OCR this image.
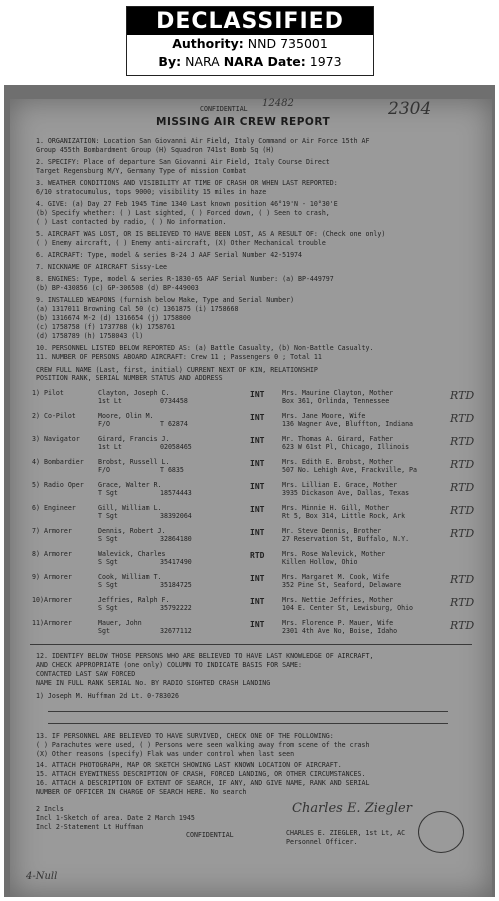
DECLASSIFIED
Authority: NND 735001
By: NARA NARA Date: 1973
CONFIDENTIAL 12482	2304
MISSING AIR CREW REPORT
1. ORGANIZATION: Location San Giovanni Air Field, Italy Command or Air Force 15th AF
Group 455th Bombardment Group (H) Squadron 741st Bomb Sq (H)
2. SPECIFY: Place of departure San Giovanni Air Field, Italy Course Direct
Target Regensburg M/Y, Germany Type of mission Combat
3. WEATHER CONDITIONS AND VISIBILITY AT TIME OF CRASH OR WHEN LAST REPORTED:
6/10 stratocumulus, tops 9000; visibility 15 miles in haze
4. GIVE: (a) Day 27 Feb 1945 Time 1340 Last known position 46°19'N - 10°30'E
(b) Specify whether: ( ) Last sighted, ( ) Forced down, ( ) Seen to crash,
( ) Last contacted by radio, ( ) No information.
5. AIRCRAFT WAS LOST, OR IS BELIEVED TO HAVE BEEN LOST, AS A RESULT OF: (Check one only)
( ) Enemy aircraft, ( ) Enemy anti-aircraft, (X) Other Mechanical trouble
6. AIRCRAFT: Type, model & series B-24 J AAF Serial Number 42-51974
7. NICKNAME OF AIRCRAFT Sissy-Lee
8. ENGINES: Type, model & series R-1830-65 AAF Serial Number: (a) BP-449797
(b) BP-430856 (c) GP-306508 (d) BP-449003
9. INSTALLED WEAPONS (furnish below Make, Type and Serial Number)
(a) 1317011 Browning Cal 50 (c) 1361875 (i) 1758668
(b) 1316674 M-2 (d) 1316654 (j) 1758800
(c) 1758758 (f) 1737788 (k) 1758761
(d) 1758789 (h) 1758043 (l)
10. PERSONNEL LISTED BELOW REPORTED AS: (a) Battle Casualty, (b) Non-Battle Casualty.
11. NUMBER OF PERSONS ABOARD AIRCRAFT: Crew 11 ; Passengers 0 ; Total 11
CREW FULL NAME (Last, first, initial) CURRENT NEXT OF KIN, RELATIONSHIP
POSITION RANK, SERIAL NUMBER STATUS AND ADDRESS
1) Pilot	Clayton, Joseph C.
1st Lt	0734458
INT	Mrs. Maurine Clayton, Mother
Box 361, Orlinda, Tennessee	RTD
2) Co-Pilot	Moore, Olin M.
F/O	T 62874
INT	Mrs. Jane Moore, Wife
136 Wagner Ave, Bluffton, Indiana	RTD
3) Navigator	Girard, Francis J.
1st Lt	02058465
INT	Mr. Thomas A. Girard, Father
623 W 61st Pl, Chicago, Illinois	RTD
4) Bombardier Brobst, Russell L.
F/O	T 6835
INT	Mrs. Edith E. Brobst, Mother
507 No. Lehigh Ave, Frackville, Pa	RTD
5) Radio Oper Grace, Walter R.
T Sgt	18574443
INT	Mrs. Lillian E. Grace, Mother
3935 Dickason Ave, Dallas, Texas	RTD
6) Engineer	Gill, William L.
T Sgt	38392064
INT	Mrs. Minnie H. Gill, Mother
Rt 5, Box 314, Little Rock, Ark	RTD
7) Armorer	Dennis, Robert J.
S Sgt	32864180
INT	Mr. Steve Dennis, Brother
27 Reservation St, Buffalo, N.Y.	RTD
8) Armorer	Walevick, Charles
S Sgt	35417490
RTD	Mrs. Rose Walevick, Mother
Killen Hollow, Ohio
9) Armorer	Cook, William T.
S Sgt	35184725
INT	Mrs. Margaret M. Cook, Wife
352 Pine St, Seaford, Delaware	RTD
10) Armorer	Jeffries, Ralph F.
S Sgt	35792222
INT	Mrs. Nettie Jeffries, Mother
104 E. Center St, Lewisburg, Ohio	RTD
11) Armorer	Mauer, John
Sgt	32677112
INT	Mrs. Florence P. Mauer, Wife
2301 4th Ave No, Boise, Idaho	RTD
12. IDENTIFY BELOW THOSE PERSONS WHO ARE BELIEVED TO HAVE LAST KNOWLEDGE OF AIRCRAFT,
AND CHECK APPROPRIATE (one only) COLUMN TO INDICATE BASIS FOR SAME:
CONTACTED LAST SAW FORCED
NAME IN FULL RANK SERIAL No. BY RADIO SIGHTED CRASH LANDING
1) Joseph M. Huffman 2d Lt. 0-783026
13. IF PERSONNEL ARE BELIEVED TO HAVE SURVIVED, CHECK ONE OF THE FOLLOWING:
( ) Parachutes were used, ( ) Persons were seen walking away from scene of the crash
(X) Other reasons (specify) Flak was under control when last seen
14. ATTACH PHOTOGRAPH, MAP OR SKETCH SHOWING LAST KNOWN LOCATION OF AIRCRAFT.
15. ATTACH EYEWITNESS DESCRIPTION OF CRASH, FORCED LANDING, OR OTHER CIRCUMSTANCES.
16. ATTACH A DESCRIPTION OF EXTENT OF SEARCH, IF ANY, AND GIVE NAME, RANK AND SERIAL
NUMBER OF OFFICER IN CHARGE OF SEARCH HERE. No search
2 Incls
Incl 1-Sketch of area. Date 2 March 1945
Incl 2-Statement Lt Huffman
CONFIDENTIAL
Charles E. Ziegler
CHARLES E. ZIEGLER, 1st Lt, AC
Personnel Officer.
4-Null
